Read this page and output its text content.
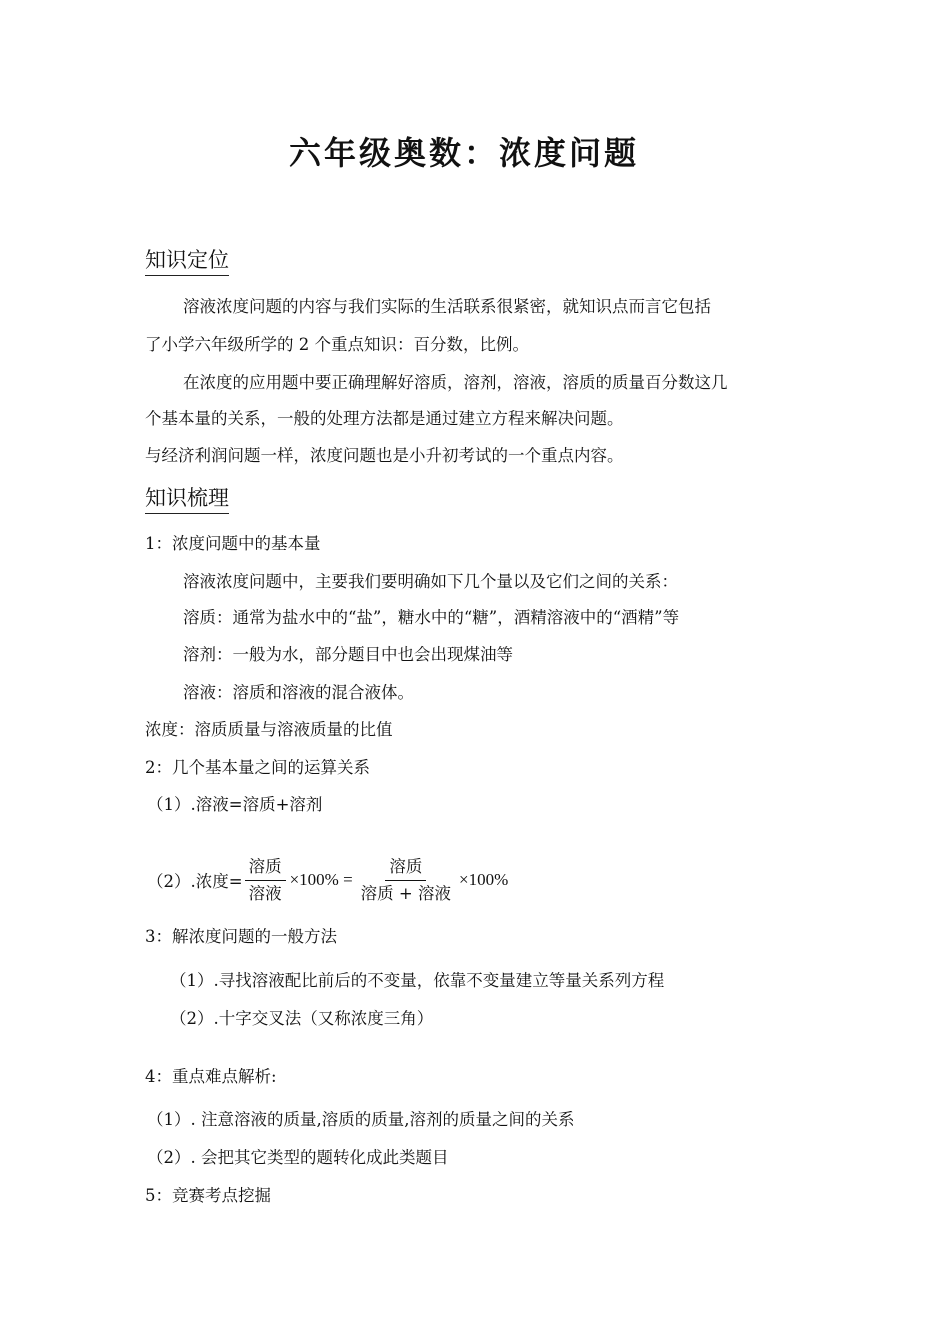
六年级奥数：浓度问题
知识定位
溶液浓度问题的内容与我们实际的生活联系很紧密，就知识点而言它包括
了小学六年级所学的 2 个重点知识：百分数，比例。
在浓度的应用题中要正确理解好溶质，溶剂，溶液，溶质的质量百分数这几
个基本量的关系，一般的处理方法都是通过建立方程来解决问题。
与经济利润问题一样，浓度问题也是小升初考试的一个重点内容。
知识梳理
1：浓度问题中的基本量
溶液浓度问题中，主要我们要明确如下几个量以及它们之间的关系：
溶质：通常为盐水中的“盐”，糖水中的“糖”，酒精溶液中的“酒精”等
溶剂：一般为水，部分题目中也会出现煤油等
溶液：溶质和溶液的混合液体。
浓度：溶质质量与溶液质量的比值
2：几个基本量之间的运算关系
（1）.溶液=溶质+溶剂
（2）.浓度= $\frac{\text{溶质}}{\text{溶液}} \times 100\% = \frac{\text{溶质}}{\text{溶质 + 溶液}} \times 100\%$
3：解浓度问题的一般方法
（1）.寻找溶液配比前后的不变量，依靠不变量建立等量关系列方程
（2）.十字交叉法（又称浓度三角）
4：重点难点解析:
（1）. 注意溶液的质量,溶质的质量,溶剂的质量之间的关系
（2）. 会把其它类型的题转化成此类题目
5：竞赛考点挖掘
